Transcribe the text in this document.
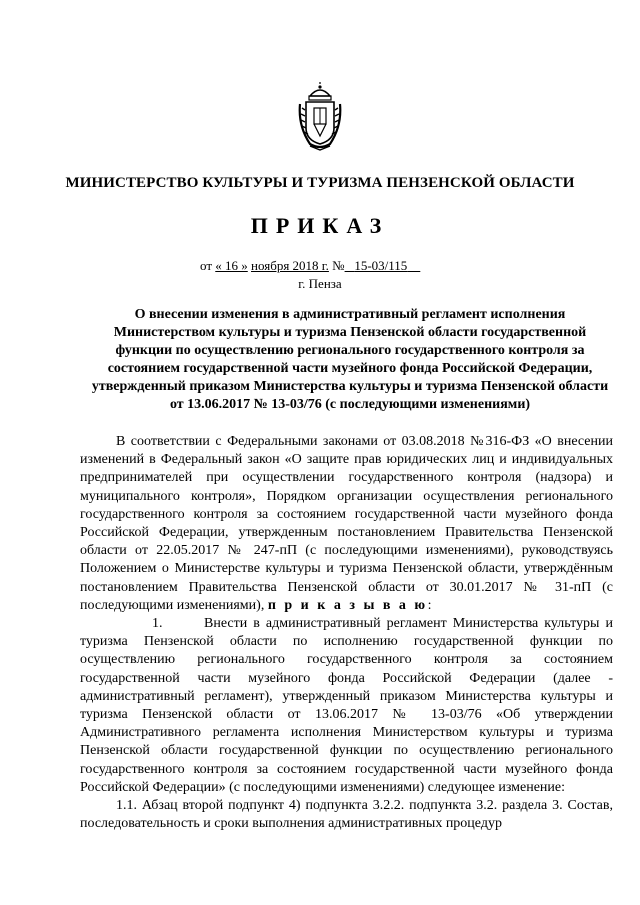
МИНИСТЕРСТВО КУЛЬТУРЫ И ТУРИЗМА ПЕНЗЕНСКОЙ ОБЛАСТИ
ПРИКАЗ
от « 16 » ноября 2018 г. № 15-03/115
г. Пенза
О внесении изменения в административный регламент исполнения Министерством культуры и туризма Пензенской области государственной функции по осуществлению регионального государственного контроля за состоянием государственной части музейного фонда Российской Федерации, утвержденный приказом Министерства культуры и туризма Пензенской области от 13.06.2017 № 13-03/76 (с последующими изменениями)

В соответствии с Федеральными законами от 03.08.2018 №316-ФЗ «О внесении изменений в Федеральный закон «О защите прав юридических лиц и индивидуальных предпринимателей при осуществлении государственного контроля (надзора) и муниципального контроля», Порядком организации осуществления регионального государственного контроля за состоянием государственной части музейного фонда Российской Федерации, утвержденным постановлением Правительства Пензенской области от 22.05.2017 № 247-пП (с последующими изменениями), руководствуясь Положением о Министерстве культуры и туризма Пензенской области, утверждённым постановлением Правительства Пензенской области от 30.01.2017 № 31-пП (с последующими изменениями), п р и к а з ы в а ю:

1.	Внести в административный регламент Министерства культуры и туризма Пензенской области по исполнению государственной функции по осуществлению регионального государственного контроля за состоянием государственной части музейного фонда Российской Федерации (далее - административный регламент), утвержденный приказом Министерства культуры и туризма Пензенской области от 13.06.2017 № 13-03/76 «Об утверждении Административного регламента исполнения Министерством культуры и туризма Пензенской области государственной функции по осуществлению регионального государственного контроля за состоянием государственной части музейного фонда Российской Федерации» (с последующими изменениями) следующее изменение:

1.1. Абзац второй подпункт 4) подпункта 3.2.2. подпункта 3.2. раздела 3. Состав, последовательность и сроки выполнения административных процедур
